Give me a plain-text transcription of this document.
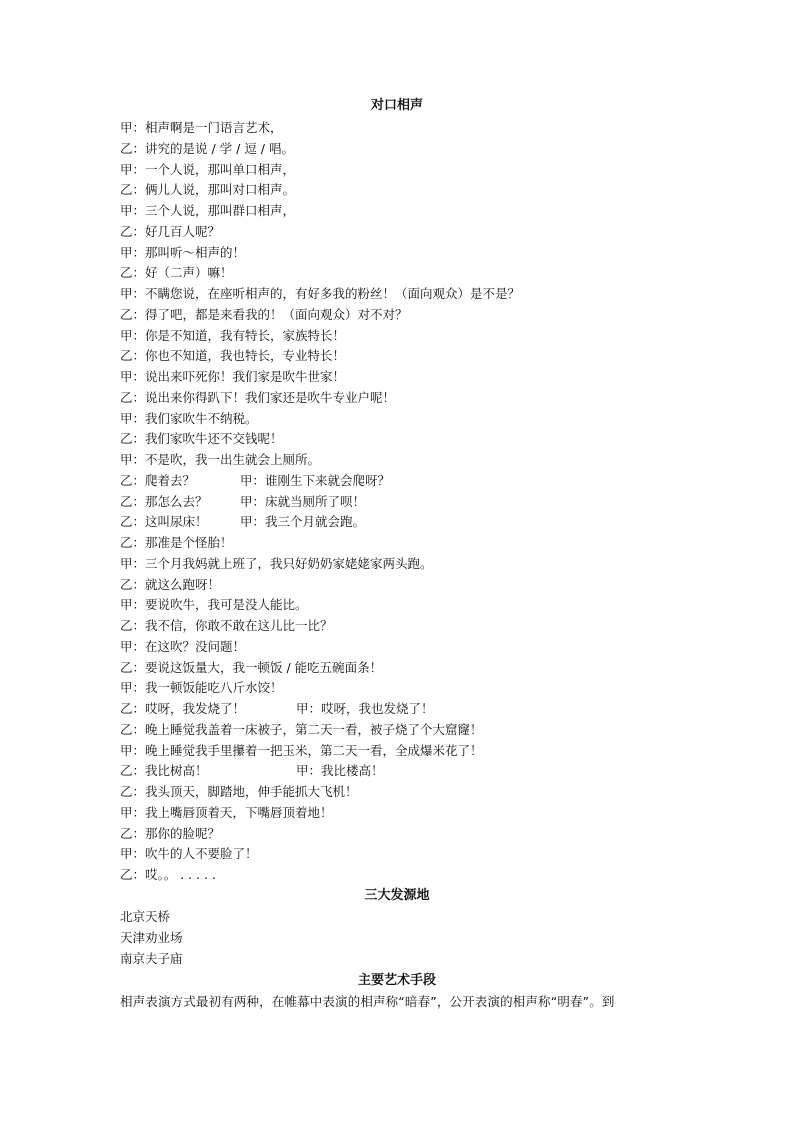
对口相声
甲：相声啊是一门语言艺术，
乙：讲究的是说 / 学 / 逗 / 唱。
甲：一个人说，那叫单口相声，
乙：俩儿人说，那叫对口相声。
甲：三个人说，那叫群口相声，
乙：好几百人呢？
甲：那叫听～相声的！
乙：好（二声）嘛！
甲：不瞒您说，在座听相声的，有好多我的粉丝！（面向观众）是不是？
乙：得了吧，都是来看我的！（面向观众）对不对？
甲：你是不知道，我有特长，家族特长！
乙：你也不知道，我也特长，专业特长！
甲：说出来吓死你！我们家是吹牛世家！
乙：说出来你得趴下！我们家还是吹牛专业户呢！
甲：我们家吹牛不纳税。
乙：我们家吹牛还不交钱呢！
甲：不是吹，我一出生就会上厕所。
乙：爬着去？	甲：谁刚生下来就会爬呀？
乙：那怎么去？	甲：床就当厕所了呗！
乙：这叫尿床！	甲：我三个月就会跑。
乙：那准是个怪胎！
甲：三个月我妈就上班了，我只好奶奶家姥姥家两头跑。
乙：就这么跑呀！
甲：要说吹牛，我可是没人能比。
乙：我不信，你敢不敢在这儿比一比？
甲：在这吹？没问题！
乙：要说这饭量大，我一顿饭 / 能吃五碗面条！
甲：我一顿饭能吃八斤水饺！
乙：哎呀，我发烧了！	甲：哎呀，我也发烧了！
乙：晚上睡觉我盖着一床被子，第二天一看，被子烧了个大窟窿！
甲：晚上睡觉我手里攥着一把玉米，第二天一看，全成爆米花了！
乙：我比树高！	甲：我比楼高！
乙：我头顶天，脚踏地，伸手能抓大飞机！
甲：我上嘴唇顶着天，下嘴唇顶着地！
乙：那你的脸呢？
甲：吹牛的人不要脸了！
乙：哎。。 . . . . .
三大发源地
北京天桥
天津劝业场
南京夫子庙
主要艺术手段
相声表演方式最初有两种，在帷幕中表演的相声称“暗春”，公开表演的相声称“明春”。到
